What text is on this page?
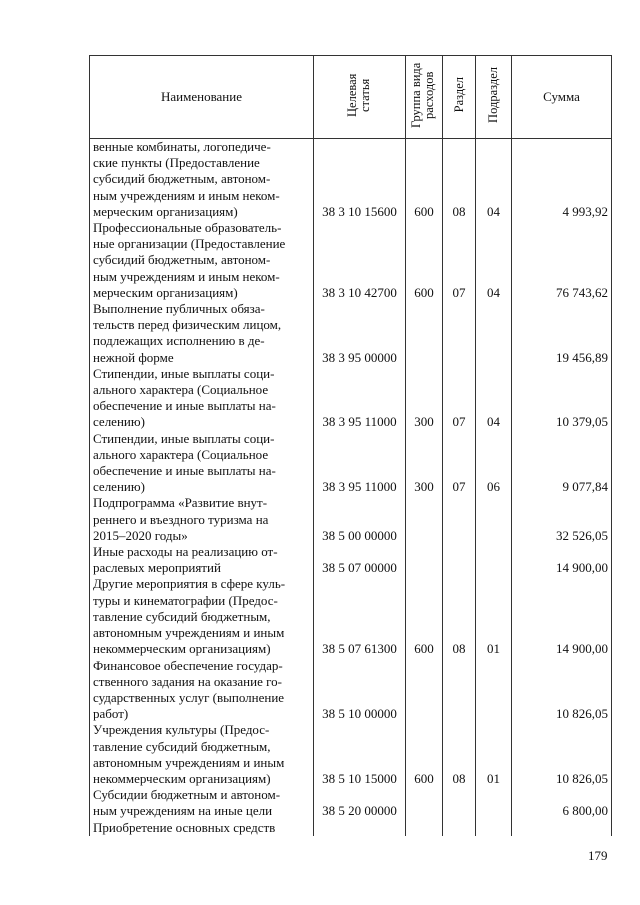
Наименование	Целевая статья	Группа вида расходов	Раздел	Подраздел	Сумма
венные комбинаты, логопедиче-
ские пункты (Предоставление
субсидий бюджетным, автоном-
ным учреждениям и иным неком-
мерческим организациям)	38 3 10 15600	600	08	04	4 993,92
Профессиональные образователь-
ные организации (Предоставление
субсидий бюджетным, автоном-
ным учреждениям и иным неком-
мерческим организациям)	38 3 10 42700	600	07	04	76 743,62
Выполнение публичных обяза-
тельств перед физическим лицом,
подлежащих исполнению в де-
нежной форме	38 3 95 00000				19 456,89
Стипендии, иные выплаты соци-
ального характера (Социальное
обеспечение и иные выплаты на-
селению)	38 3 95 11000	300	07	04	10 379,05
Стипендии, иные выплаты соци-
ального характера (Социальное
обеспечение и иные выплаты на-
селению)	38 3 95 11000	300	07	06	9 077,84
Подпрограмма «Развитие внут-
реннего и въездного туризма на
2015–2020 годы»	38 5 00 00000				32 526,05
Иные расходы на реализацию от-
раслевых мероприятий	38 5 07 00000				14 900,00
Другие мероприятия в сфере куль-
туры и кинематографии (Предос-
тавление субсидий бюджетным,
автономным учреждениям и иным
некоммерческим организациям)	38 5 07 61300	600	08	01	14 900,00
Финансовое обеспечение государ-
ственного задания на оказание го-
сударственных услуг (выполнение
работ)	38 5 10 00000				10 826,05
Учреждения культуры (Предос-
тавление субсидий бюджетным,
автономным учреждениям и иным
некоммерческим организациям)	38 5 10 15000	600	08	01	10 826,05
Субсидии бюджетным и автоном-
ным учреждениям на иные цели	38 5 20 00000				6 800,00
Приобретение основных средств					
179
